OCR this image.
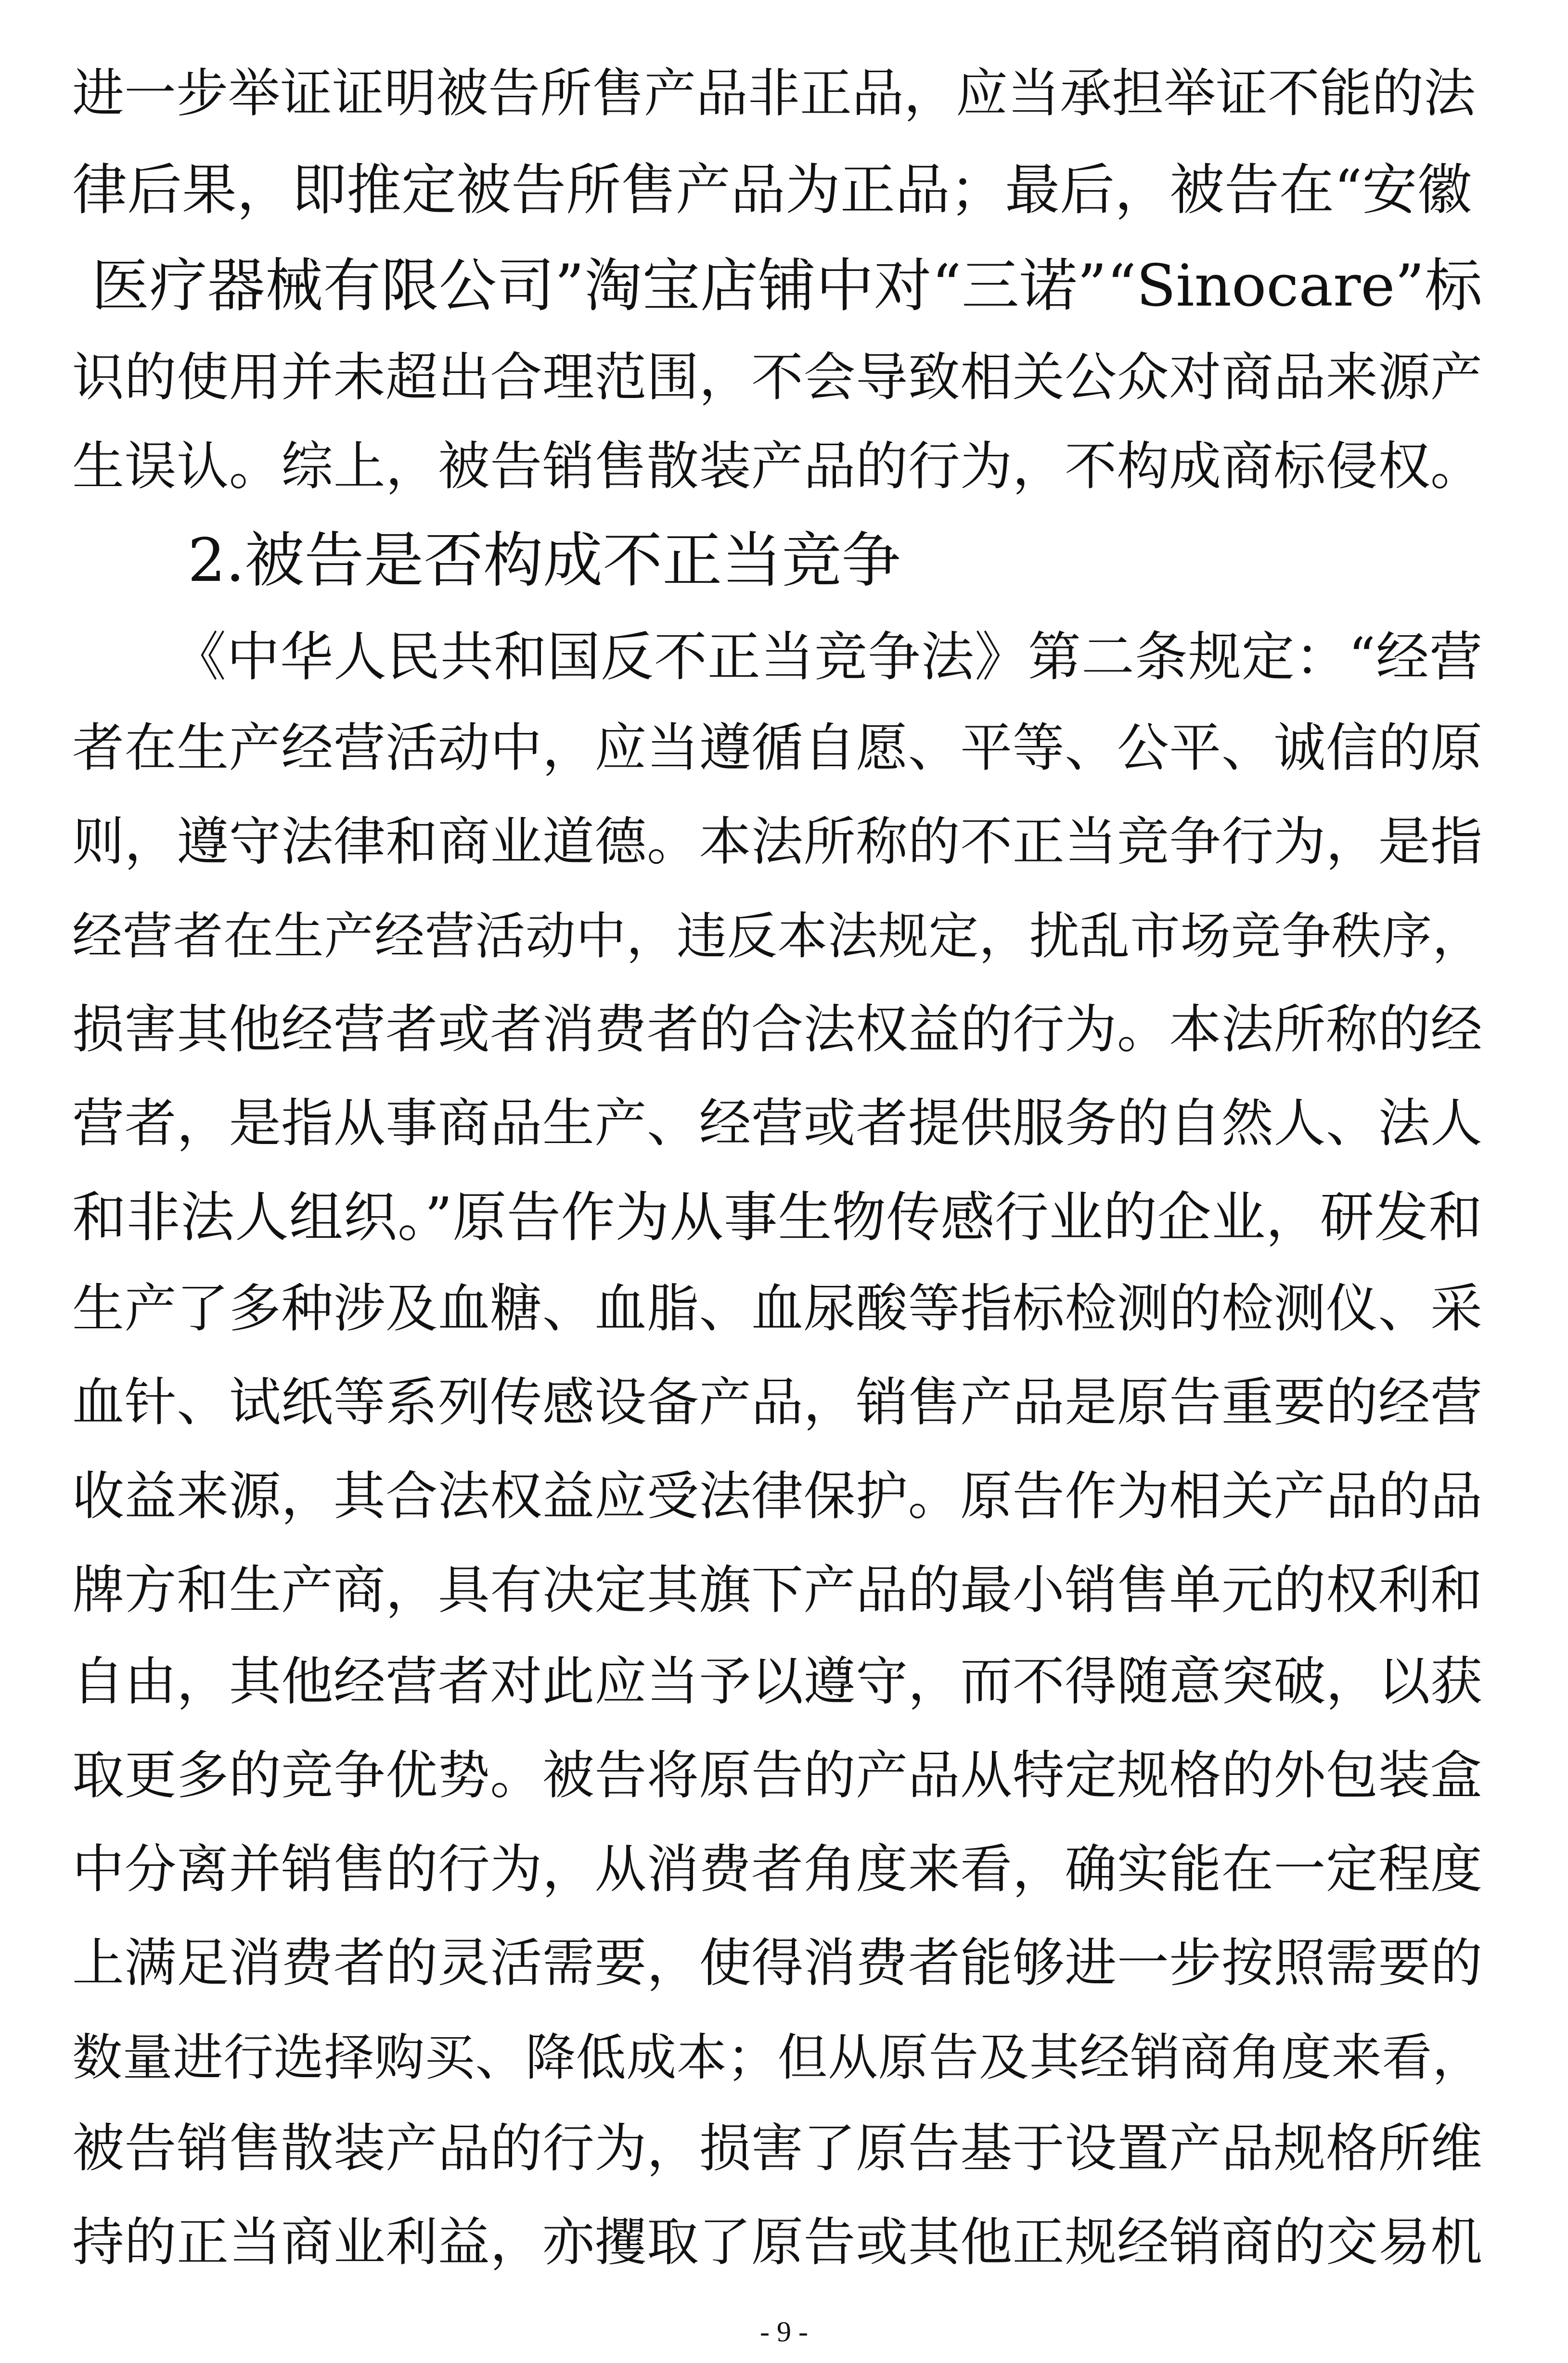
进一步举证证明被告所售产品非正品，应当承担举证不能的法
律后果，即推定被告所售产品为正品；最后，被告在“安徽
医疗器械有限公司”淘宝店铺中对“三诺”“Sinocare”标
识的使用并未超出合理范围，不会导致相关公众对商品来源产
生误认。综上，被告销售散装产品的行为，不构成商标侵权。
2.被告是否构成不正当竞争
《中华人民共和国反不正当竞争法》第二条规定：“经营
者在生产经营活动中，应当遵循自愿、平等、公平、诚信的原
则，遵守法律和商业道德。本法所称的不正当竞争行为，是指
经营者在生产经营活动中，违反本法规定，扰乱市场竞争秩序，
损害其他经营者或者消费者的合法权益的行为。本法所称的经
营者，是指从事商品生产、经营或者提供服务的自然人、法人
和非法人组织。”原告作为从事生物传感行业的企业，研发和
生产了多种涉及血糖、血脂、血尿酸等指标检测的检测仪、采
血针、试纸等系列传感设备产品，销售产品是原告重要的经营
收益来源，其合法权益应受法律保护。原告作为相关产品的品
牌方和生产商，具有决定其旗下产品的最小销售单元的权利和
自由，其他经营者对此应当予以遵守，而不得随意突破，以获
取更多的竞争优势。被告将原告的产品从特定规格的外包装盒
中分离并销售的行为，从消费者角度来看，确实能在一定程度
上满足消费者的灵活需要，使得消费者能够进一步按照需要的
数量进行选择购买、降低成本；但从原告及其经销商角度来看，
被告销售散装产品的行为，损害了原告基于设置产品规格所维
持的正当商业利益，亦攫取了原告或其他正规经销商的交易机
- 9 -
